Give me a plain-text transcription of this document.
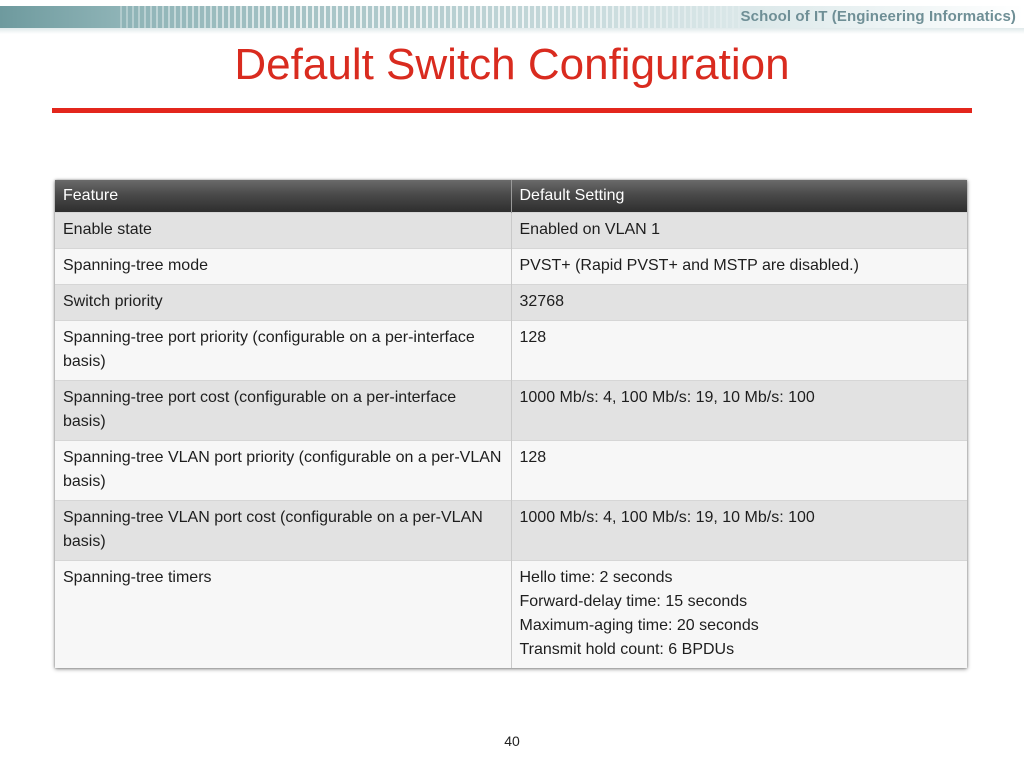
School of IT (Engineering Informatics)
Default Switch Configuration
Feature	Default Setting
Enable state	Enabled on VLAN 1
Spanning-tree mode	PVST+ (Rapid PVST+ and MSTP are disabled.)
Switch priority	32768
Spanning-tree port priority (configurable on a per-interface basis)	128
Spanning-tree port cost (configurable on a per-interface basis)	1000 Mb/s: 4, 100 Mb/s: 19, 10 Mb/s: 100
Spanning-tree VLAN port priority (configurable on a per-VLAN basis)	128
Spanning-tree VLAN port cost (configurable on a per-VLAN basis)	1000 Mb/s: 4, 100 Mb/s: 19, 10 Mb/s: 100
Spanning-tree timers	Hello time: 2 seconds
Forward-delay time: 15 seconds
Maximum-aging time: 20 seconds
Transmit hold count: 6 BPDUs
40
